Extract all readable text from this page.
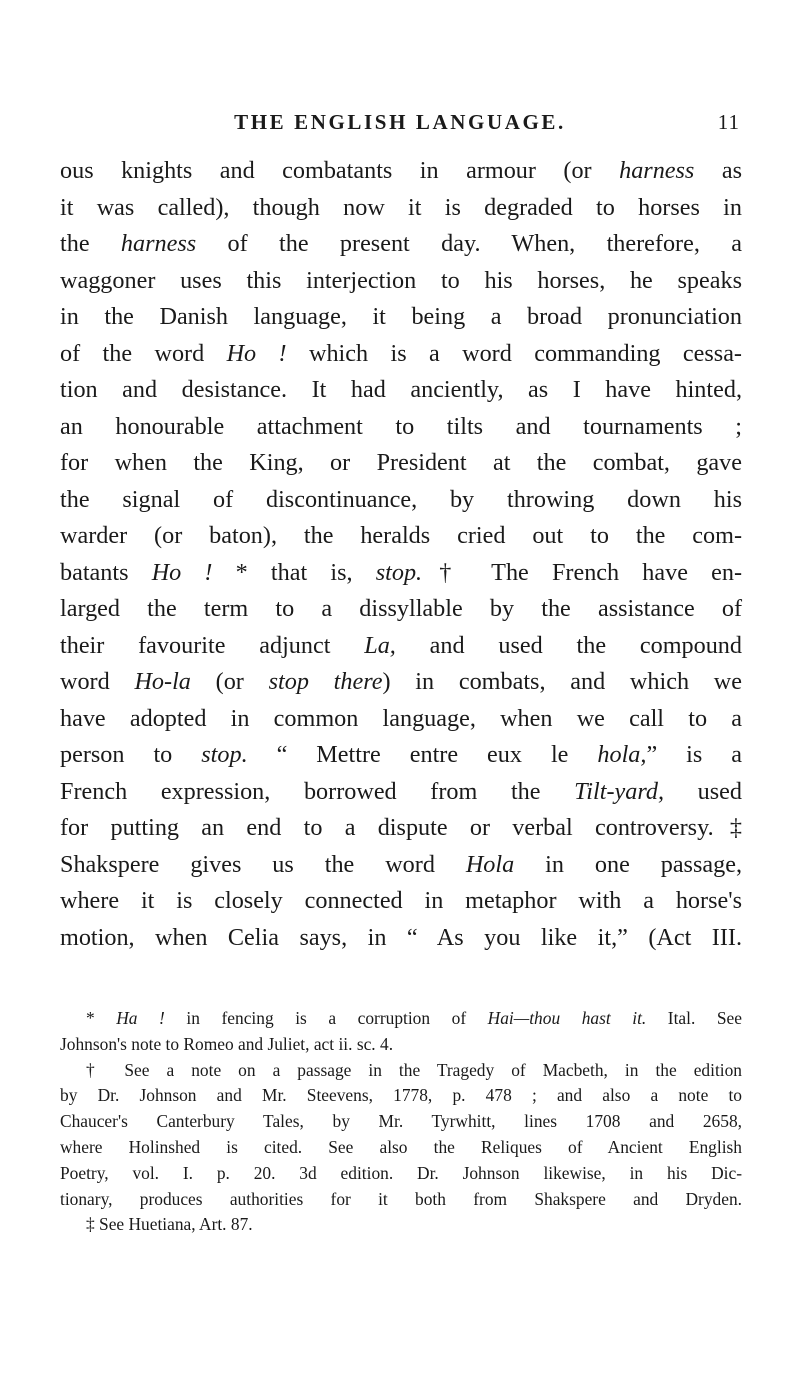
THE ENGLISH LANGUAGE.	11
ous knights and combatants in armour (or harness as
it was called), though now it is degraded to horses in
the harness of the present day. When, therefore, a
waggoner uses this interjection to his horses, he speaks
in the Danish language, it being a broad pronunciation
of the word Ho ! which is a word commanding cessa-
tion and desistance. It had anciently, as I have hinted,
an honourable attachment to tilts and tournaments ;
for when the King, or President at the combat, gave
the signal of discontinuance, by throwing down his
warder (or baton), the heralds cried out to the com-
batants Ho ! * that is, stop.† The French have en-
larged the term to a dissyllable by the assistance of
their favourite adjunct La, and used the compound
word Ho-la (or stop there) in combats, and which we
have adopted in common language, when we call to a
person to stop. “ Mettre entre eux le hola,” is a
French expression, borrowed from the Tilt-yard, used
for putting an end to a dispute or verbal controversy.‡
Shakspere gives us the word Hola in one passage,
where it is closely connected in metaphor with a horse's
motion, when Celia says, in “ As you like it,” (Act III.
* Ha ! in fencing is a corruption of Hai—thou hast it. Ital. See
Johnson's note to Romeo and Juliet, act ii. sc. 4.
† See a note on a passage in the Tragedy of Macbeth, in the edition
by Dr. Johnson and Mr. Steevens, 1778, p. 478 ; and also a note to
Chaucer's Canterbury Tales, by Mr. Tyrwhitt, lines 1708 and 2658,
where Holinshed is cited. See also the Reliques of Ancient English
Poetry, vol. I. p. 20. 3d edition. Dr. Johnson likewise, in his Dic-
tionary, produces authorities for it both from Shakspere and Dryden.
‡ See Huetiana, Art. 87.
